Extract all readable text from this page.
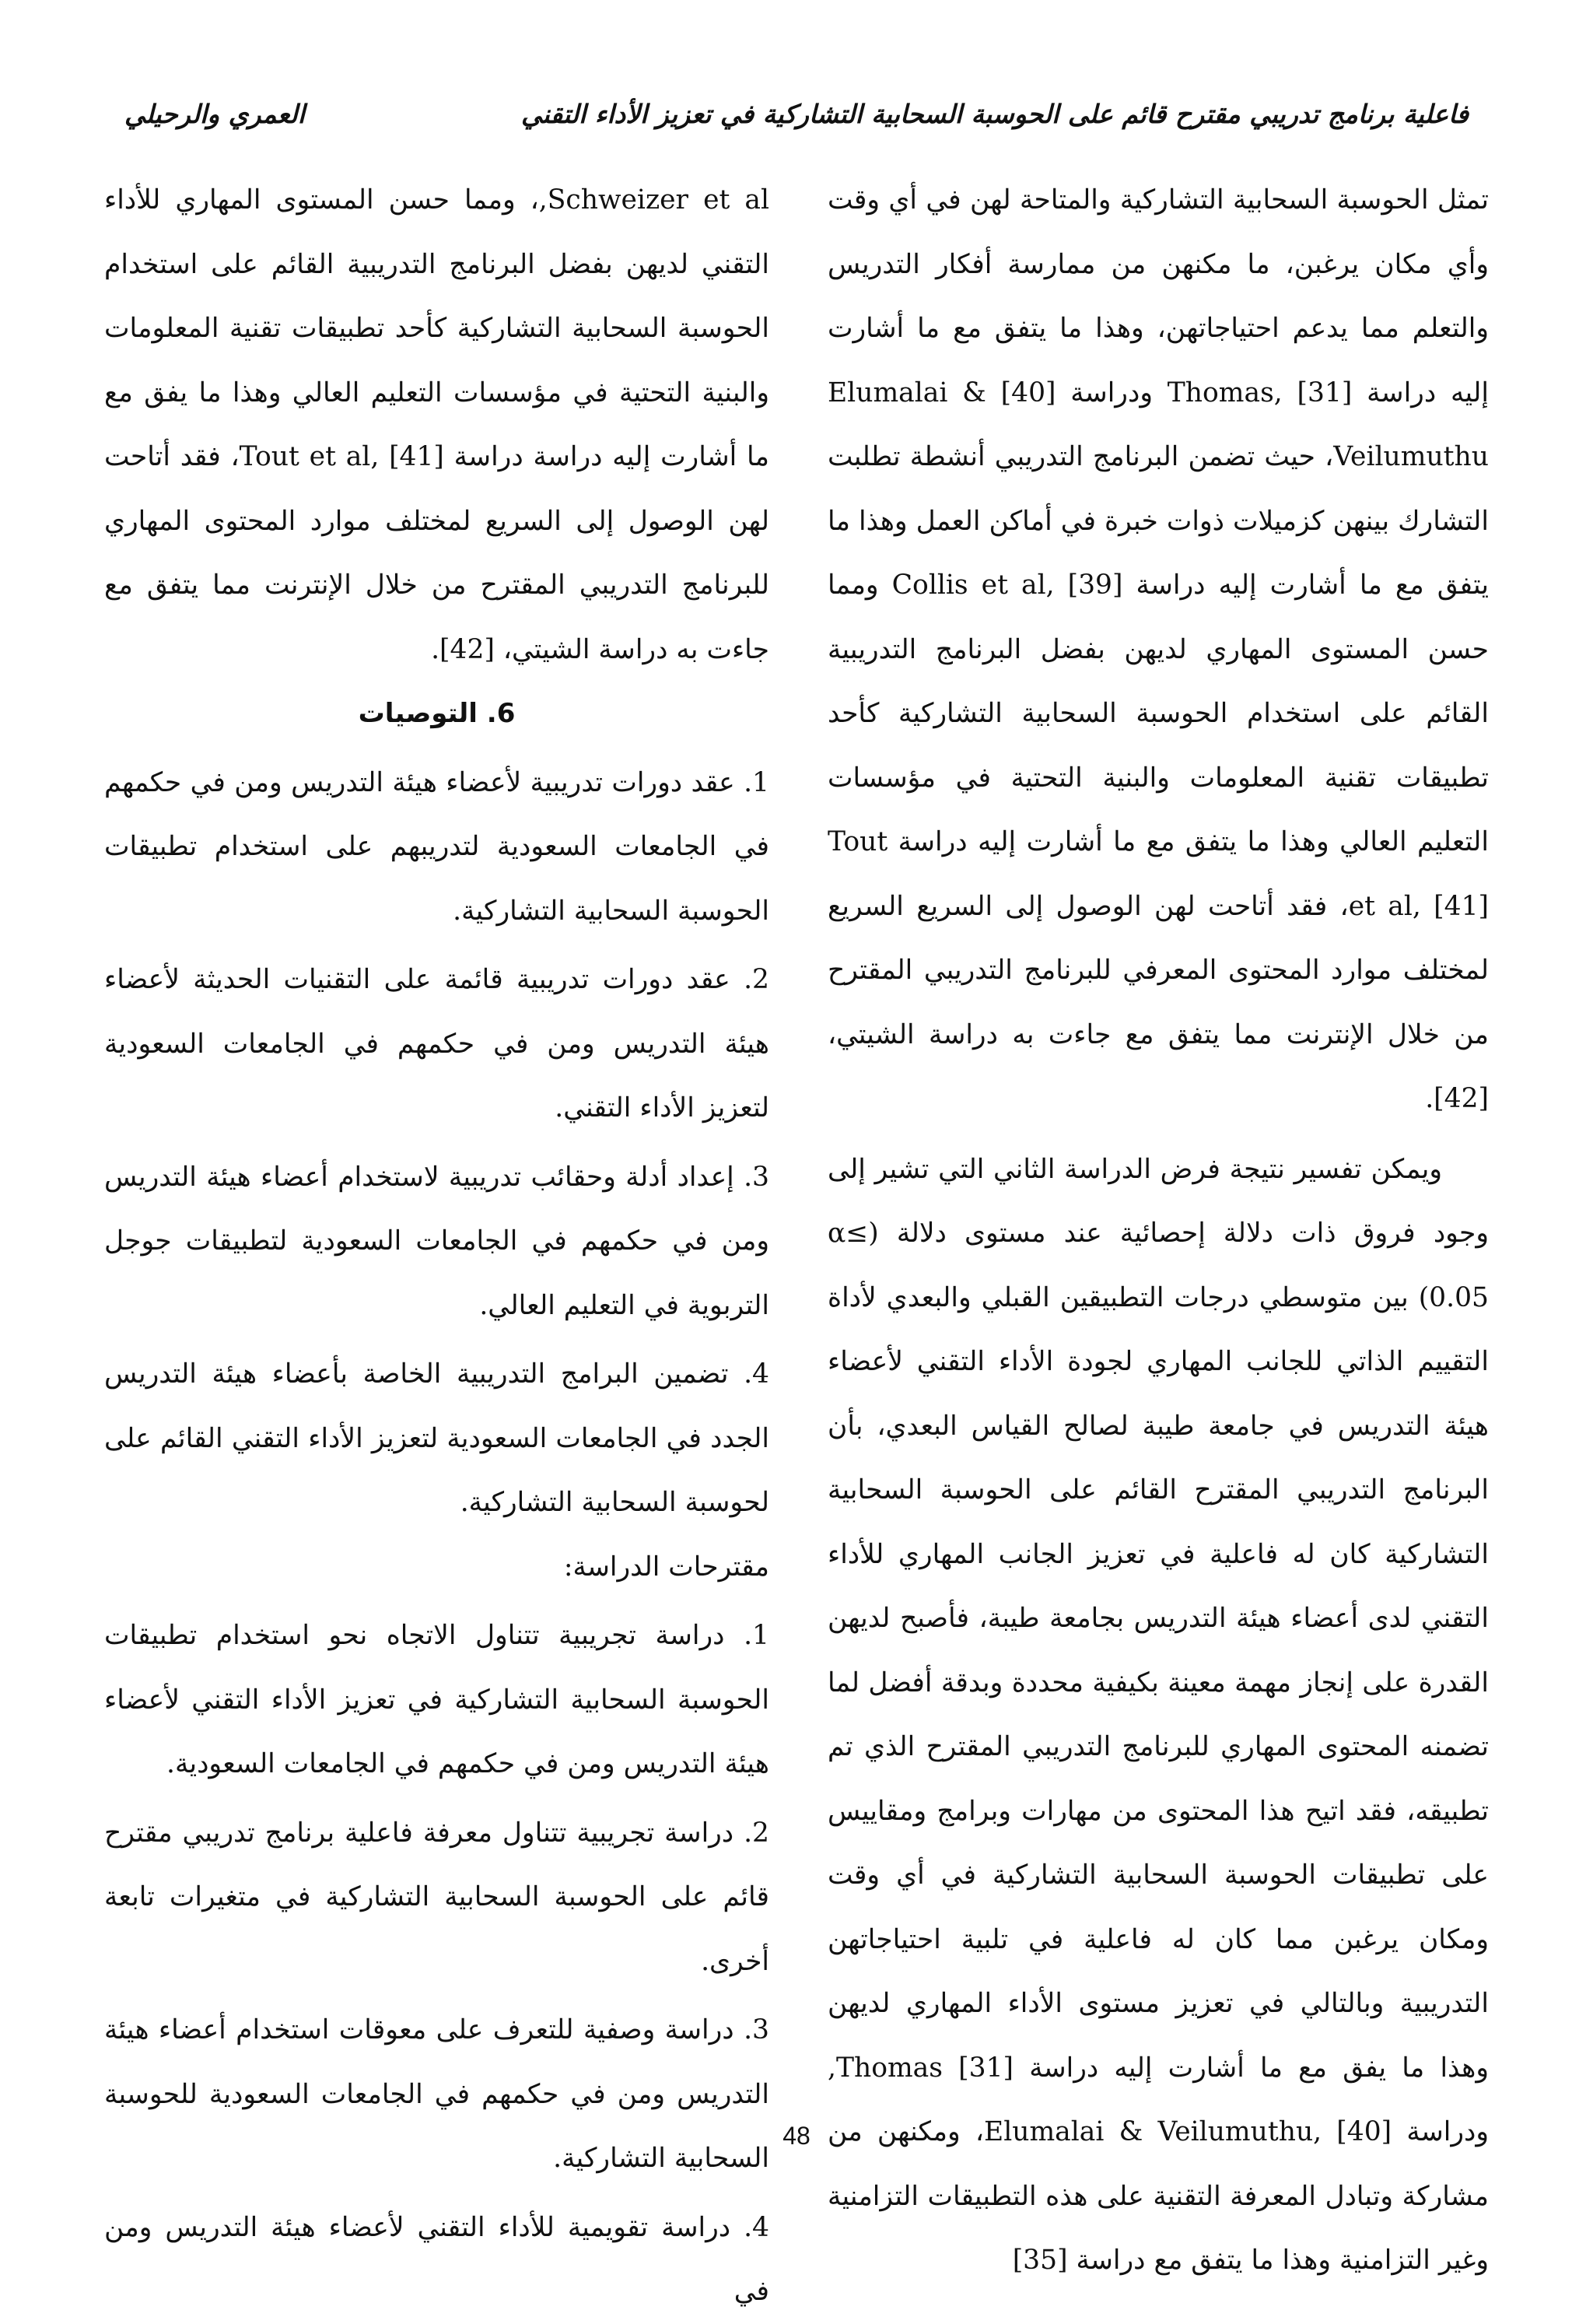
العمري والرحيلي	فاعلية برنامج تدريبي مقترح قائم على الحوسبة السحابية التشاركية في تعزيز الأداء التقني

تمثل الحوسبة السحابية التشاركية والمتاحة لهن في أي وقت وأي مكان يرغبن، ما مكنهن من ممارسة أفكار التدريس والتعلم مما يدعم احتياجاتهن، وهذا ما يتفق مع ما أشارت إليه دراسة Thomas, [31] ودراسة Elumalai & [40] Veilumuthu، حيث تضمن البرنامج التدريبي أنشطة تطلبت التشارك بينهن كزميلات ذوات خبرة في أماكن العمل وهذا ما يتفق مع ما أشارت إليه دراسة Collis et al, [39] ومما حسن المستوى المهاري لديهن بفضل البرنامج التدريبية القائم على استخدام الحوسبة السحابية التشاركية كأحد تطبيقات تقنية المعلومات والبنية التحتية في مؤسسات التعليم العالي وهذا ما يتفق مع ما أشارت إليه دراسة Tout et al, [41]، فقد أتاحت لهن الوصول إلى السريع السريع لمختلف موارد المحتوى المعرفي للبرنامج التدريبي المقترح من خلال الإنترنت مما يتفق مع جاءت به دراسة الشيتي، [42].

ويمكن تفسير نتيجة فرض الدراسة الثاني التي تشير إلى وجود فروق ذات دلالة إحصائية عند مستوى دلالة (α≤ 0.05) بين متوسطي درجات التطبيقين القبلي والبعدي لأداة التقييم الذاتي للجانب المهاري لجودة الأداء التقني لأعضاء هيئة التدريس في جامعة طيبة لصالح القياس البعدي، بأن البرنامج التدريبي المقترح القائم على الحوسبة السحابية التشاركية كان له فاعلية في تعزيز الجانب المهاري للأداء التقني لدى أعضاء هيئة التدريس بجامعة طيبة، فأصبح لديهن القدرة على إنجاز مهمة معينة بكيفية محددة وبدقة أفضل لما تضمنه المحتوى المهاري للبرنامج التدريبي المقترح الذي تم تطبيقه، فقد اتيح هذا المحتوى من مهارات وبرامج ومقاييس على تطبيقات الحوسبة السحابية التشاركية في أي وقت ومكان يرغبن مما كان له فاعلية في تلبية احتياجاتهن التدريبية وبالتالي في تعزيز مستوى الأداء المهاري لديهن وهذا ما يفق مع ما أشارت إليه دراسة [31] Thomas, ودراسة Elumalai & Veilumuthu, [40]، ومكنهن من مشاركة وتبادل المعرفة التقنية على هذه التطبيقات التزامنية وغير التزامنية وهذا ما يتفق مع دراسة [35]

Schweizer et al,، ومما حسن المستوى المهاري للأداء التقني لديهن بفضل البرنامج التدريبية القائم على استخدام الحوسبة السحابية التشاركية كأحد تطبيقات تقنية المعلومات والبنية التحتية في مؤسسات التعليم العالي وهذا ما يفق مع ما أشارت إليه دراسة دراسة Tout et al, [41]، فقد أتاحت لهن الوصول إلى السريع لمختلف موارد المحتوى المهاري للبرنامج التدريبي المقترح من خلال الإنترنت مما يتفق مع جاءت به دراسة الشيتي، [42].

6. التوصيات

1. عقد دورات تدريبية لأعضاء هيئة التدريس ومن في حكمهم في الجامعات السعودية لتدريبهم على استخدام تطبيقات الحوسبة السحابية التشاركية.

2. عقد دورات تدريبية قائمة على التقنيات الحديثة لأعضاء هيئة التدريس ومن في حكمهم في الجامعات السعودية لتعزيز الأداء التقني.

3. إعداد أدلة وحقائب تدريبية لاستخدام أعضاء هيئة التدريس ومن في حكمهم في الجامعات السعودية لتطبيقات جوجل التربوية في التعليم العالي.

4. تضمين البرامج التدريبية الخاصة بأعضاء هيئة التدريس الجدد في الجامعات السعودية لتعزيز الأداء التقني القائم على لحوسبة السحابية التشاركية.

مقترحات الدراسة:

1. دراسة تجريبية تتناول الاتجاه نحو استخدام تطبيقات الحوسبة السحابية التشاركية في تعزيز الأداء التقني لأعضاء هيئة التدريس ومن في حكمهم في الجامعات السعودية.

2. دراسة تجريبية تتناول معرفة فاعلية برنامج تدريبي مقترح قائم على الحوسبة السحابية التشاركية في متغيرات تابعة أخرى.

3. دراسة وصفية للتعرف على معوقات استخدام أعضاء هيئة التدريس ومن في حكمهم في الجامعات السعودية للحوسبة السحابية التشاركية.

4. دراسة تقويمية للأداء التقني لأعضاء هيئة التدريس ومن في

48
